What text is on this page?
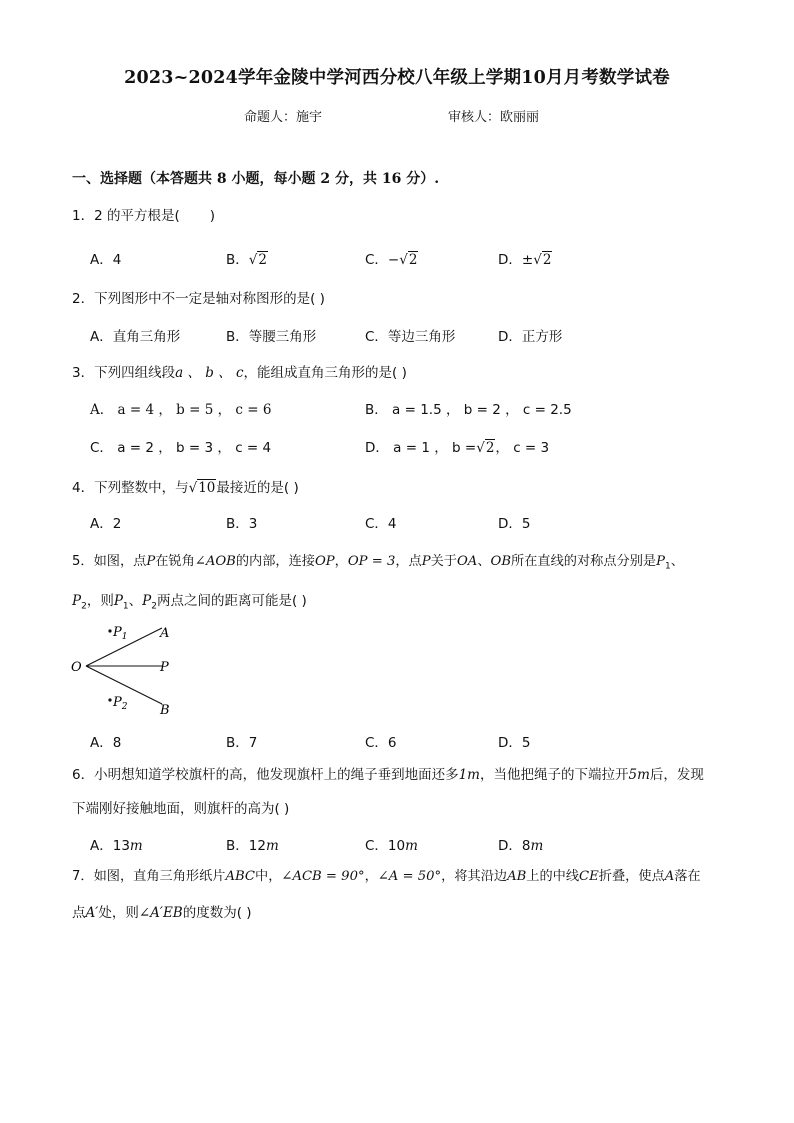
2023~2024学年金陵中学河西分校八年级上学期10月月考数学试卷
命题人：施宇	审核人：欧丽丽
一、选择题（本答题共 8 小题，每小题 2 分，共 16 分）.
1．2 的平方根是( )
A．4	B．√2	C．−√2	D．±√2
2．下列图形中不一定是轴对称图形的是( )
A．直角三角形	B．等腰三角形	C．等边三角形	D．正方形
3．下列四组线段a 、 b 、 c，能组成直角三角形的是( )
A． a = 4 ， b = 5 ， c = 6	B． a = 1.5 ， b = 2 ， c = 2.5
C． a = 2 ， b = 3 ， c = 4	D． a = 1 ， b =√2， c = 3
4．下列整数中，与√10最接近的是( )
A．2	B．3	C．4	D．5
5．如图，点P在锐角∠AOB的内部，连接OP，OP = 3，点P关于OA、OB所在直线的对称点分别是$P_1$、
$P_2$，则$P_1$、$P_2$两点之间的距离可能是( )
$P_1$	A
O	P
$P_2$	B
A．8	B．7	C．6	D．5
6．小明想知道学校旗杆的高，他发现旗杆上的绳子垂到地面还多1m，当他把绳子的下端拉开5m后，发现
下端刚好接触地面，则旗杆的高为( )
A．13m	B．12m	C．10m	D．8m
7．如图，直角三角形纸片ABC中，∠ACB = 90°，∠A = 50°，将其沿边AB上的中线CE折叠，使点A落在
点A′处，则∠A′EB的度数为( )
